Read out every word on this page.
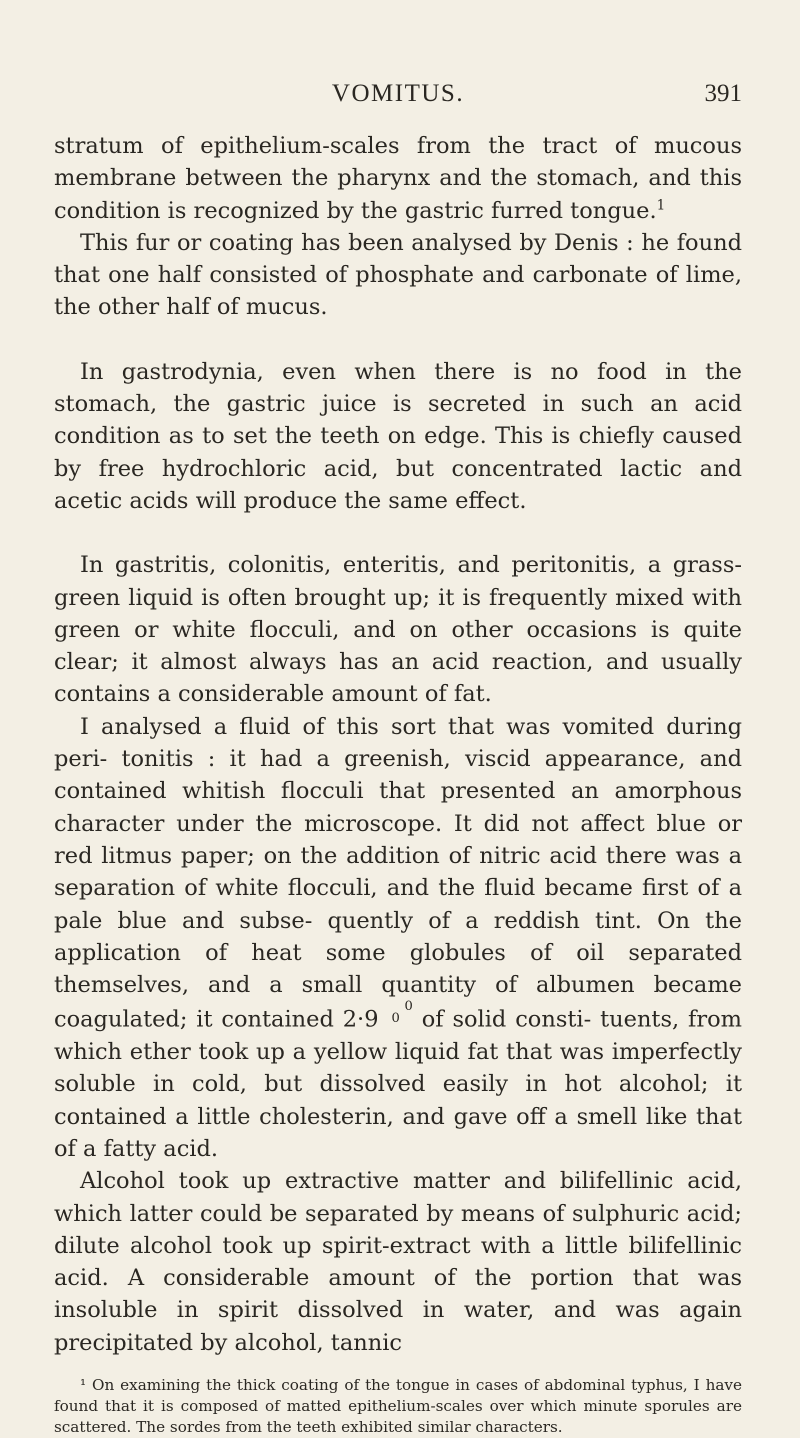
VOMITUS.	391

stratum of epithelium-scales from the tract of mucous membrane between the pharynx and the stomach, and this condition is recognized by the gastric furred tongue.$^1$

This fur or coating has been analysed by Denis : he found that one half consisted of phosphate and carbonate of lime, the other half of mucus.

In gastrodynia, even when there is no food in the stomach, the gastric juice is secreted in such an acid condition as to set the teeth on edge. This is chiefly caused by free hydrochloric acid, but concentrated lactic and acetic acids will produce the same effect.

In gastritis, colonitis, enteritis, and peritonitis, a grass-green liquid is often brought up; it is frequently mixed with green or white flocculi, and on other occasions is quite clear; it almost always has an acid reaction, and usually contains a considerable amount of fat.

I analysed a fluid of this sort that was vomited during peri- tonitis : it had a greenish, viscid appearance, and contained whitish flocculi that presented an amorphous character under the microscope. It did not affect blue or red litmus paper; on the addition of nitric acid there was a separation of white flocculi, and the fluid became first of a pale blue and subse- quently of a reddish tint. On the application of heat some globules of oil separated themselves, and a small quantity of albumen became coagulated; it contained 2·9 0
0 of solid consti- tuents, from which ether took up a yellow liquid fat that was imperfectly soluble in cold, but dissolved easily in hot alcohol; it contained a little cholesterin, and gave off a smell like that of a fatty acid.

Alcohol took up extractive matter and bilifellinic acid, which latter could be separated by means of sulphuric acid; dilute alcohol took up spirit-extract with a little bilifellinic acid. A considerable amount of the portion that was insoluble in spirit dissolved in water, and was again precipitated by alcohol, tannic

¹ On examining the thick coating of the tongue in cases of abdominal typhus, I have found that it is composed of matted epithelium-scales over which minute sporules are scattered. The sordes from the teeth exhibited similar characters.
